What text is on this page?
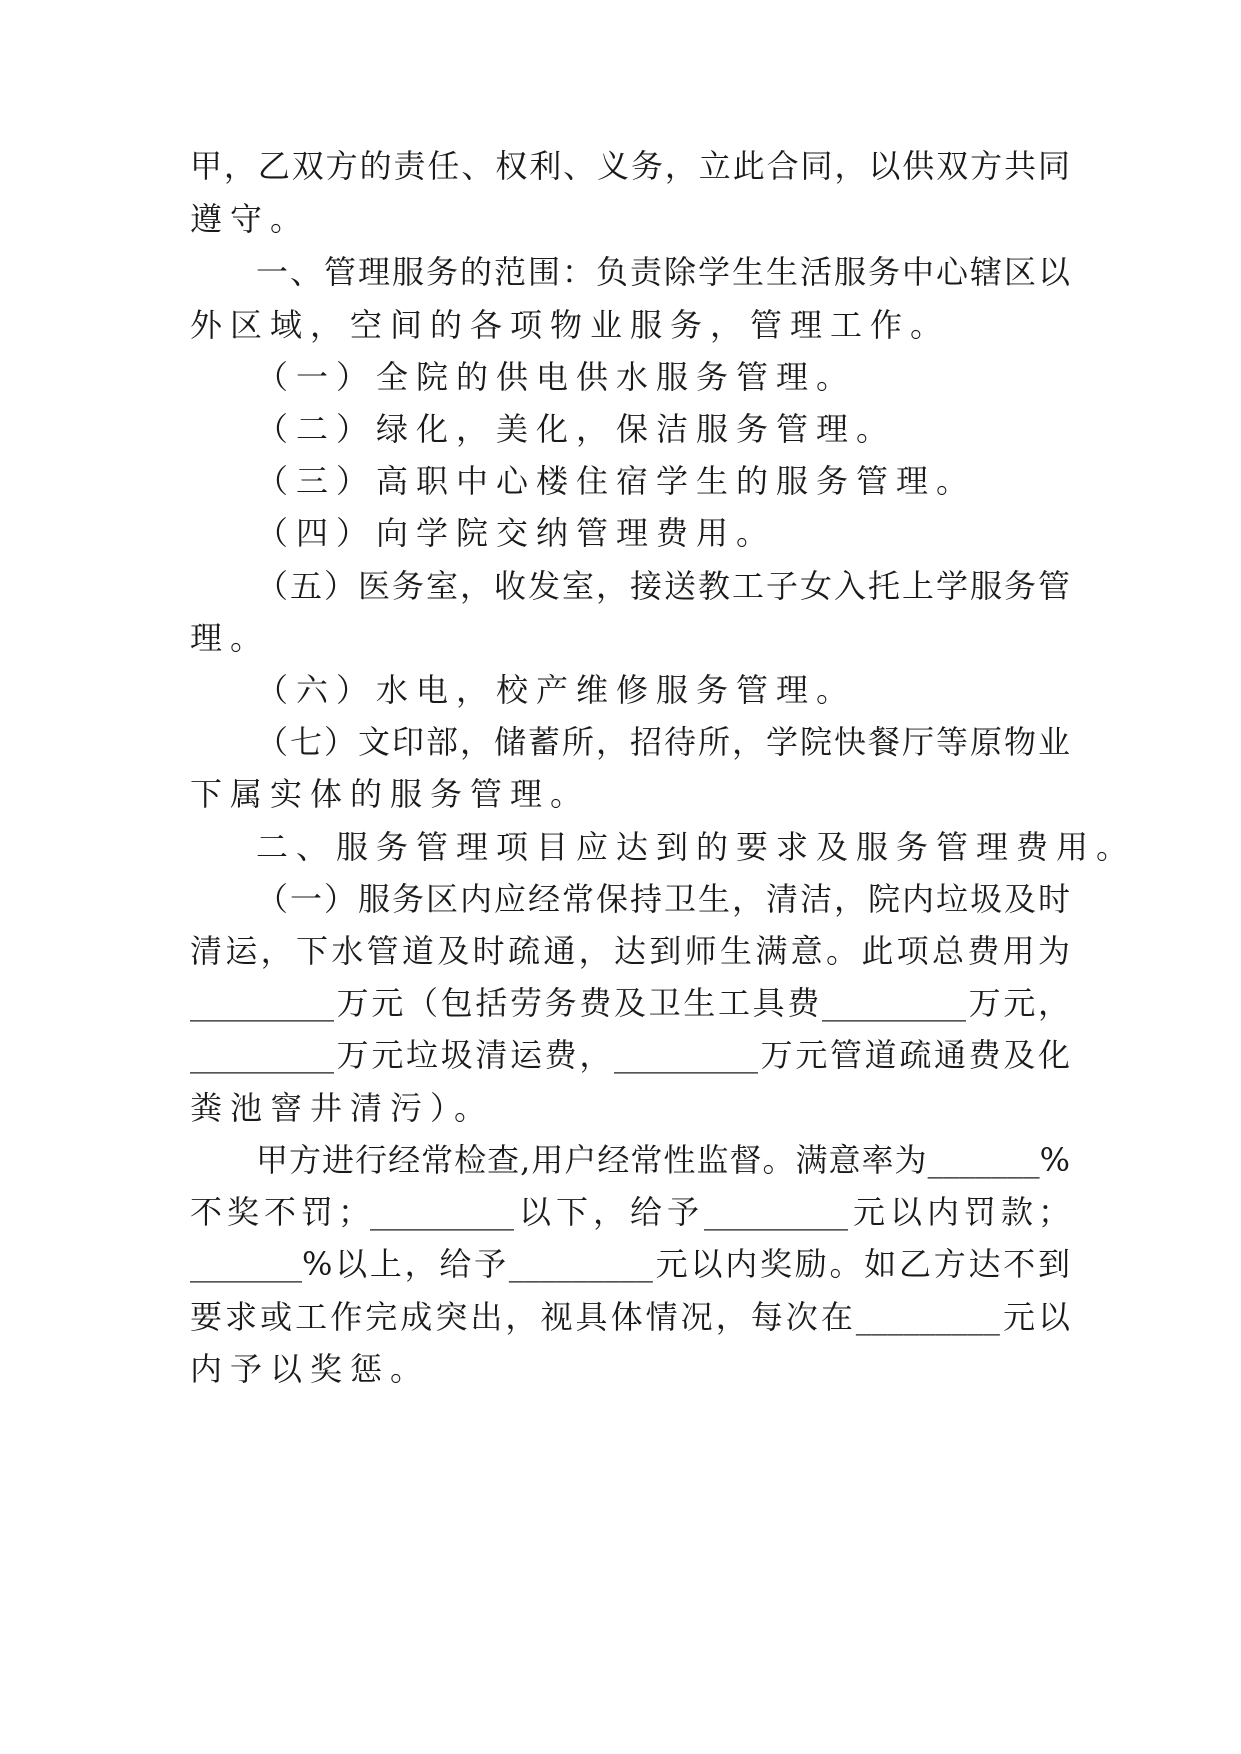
甲，乙双方的责任、权利、义务，立此合同，以供双方共同
遵守。
一、管理服务的范围：负责除学生生活服务中心辖区以
外区域，空间的各项物业服务，管理工作。
（一）全院的供电供水服务管理。
（二）绿化，美化，保洁服务管理。
（三）高职中心楼住宿学生的服务管理。
（四）向学院交纳管理费用。
（五）医务室，收发室，接送教工子女入托上学服务管
理。
（六）水电，校产维修服务管理。
（七）文印部，储蓄所，招待所，学院快餐厅等原物业
下属实体的服务管理。
二、服务管理项目应达到的要求及服务管理费用。
（一）服务区内应经常保持卫生，清洁，院内垃圾及时
清运，下水管道及时疏通，达到师生满意。此项总费用为
_________万元（包括劳务费及卫生工具费_________万元，
_________万元垃圾清运费，_________万元管道疏通费及化
粪池窨井清污）。
甲方进行经常检查,用户经常性监督。满意率为_______%
不奖不罚；_________以下，给予_________元以内罚款；
_______%以上，给予_________元以内奖励。如乙方达不到
要求或工作完成突出，视具体情况，每次在_________元以
内予以奖惩。
